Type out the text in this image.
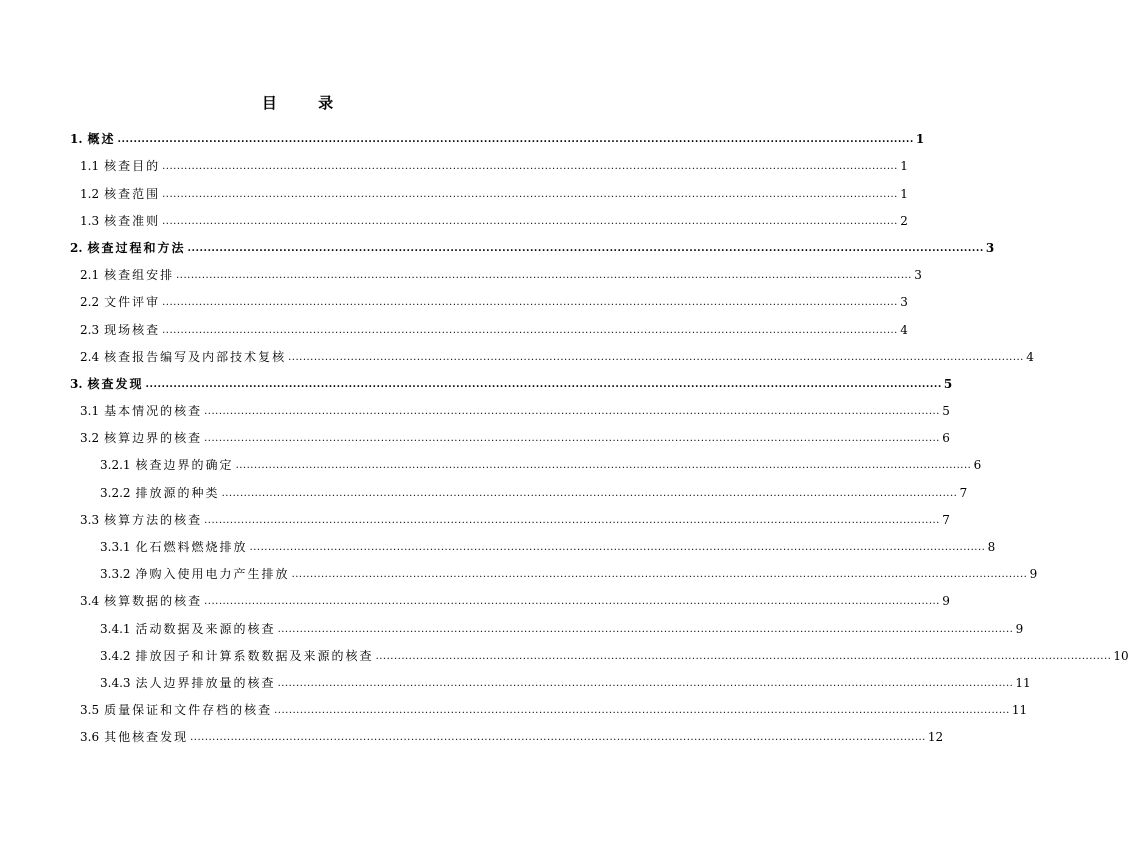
目 录
1. 概述 ........................................................................................................................................................................................................ 1
1.1 核查目的 ........................................................................................................................................................................................................ 1
1.2 核查范围 ........................................................................................................................................................................................................ 1
1.3 核查准则 ........................................................................................................................................................................................................ 2
2. 核查过程和方法 ........................................................................................................................................................................................................ 3
2.1 核查组安排 ........................................................................................................................................................................................................ 3
2.2 文件评审 ........................................................................................................................................................................................................ 3
2.3 现场核查 ........................................................................................................................................................................................................ 4
2.4 核查报告编写及内部技术复核 ........................................................................................................................................................................................................ 4
3. 核查发现 ........................................................................................................................................................................................................ 5
3.1 基本情况的核查 ........................................................................................................................................................................................................ 5
3.2 核算边界的核查 ........................................................................................................................................................................................................ 6
3.2.1 核查边界的确定 ........................................................................................................................................................................................................ 6
3.2.2 排放源的种类 ........................................................................................................................................................................................................ 7
3.3 核算方法的核查 ........................................................................................................................................................................................................ 7
3.3.1 化石燃料燃烧排放 ........................................................................................................................................................................................................ 8
3.3.2 净购入使用电力产生排放 ........................................................................................................................................................................................................ 9
3.4 核算数据的核查 ........................................................................................................................................................................................................ 9
3.4.1 活动数据及来源的核查 ........................................................................................................................................................................................................ 9
3.4.2 排放因子和计算系数数据及来源的核查 ........................................................................................................................................................................................................ 10
3.4.3 法人边界排放量的核查 ........................................................................................................................................................................................................ 11
3.5 质量保证和文件存档的核查 ........................................................................................................................................................................................................ 11
3.6 其他核查发现 ........................................................................................................................................................................................................ 12
